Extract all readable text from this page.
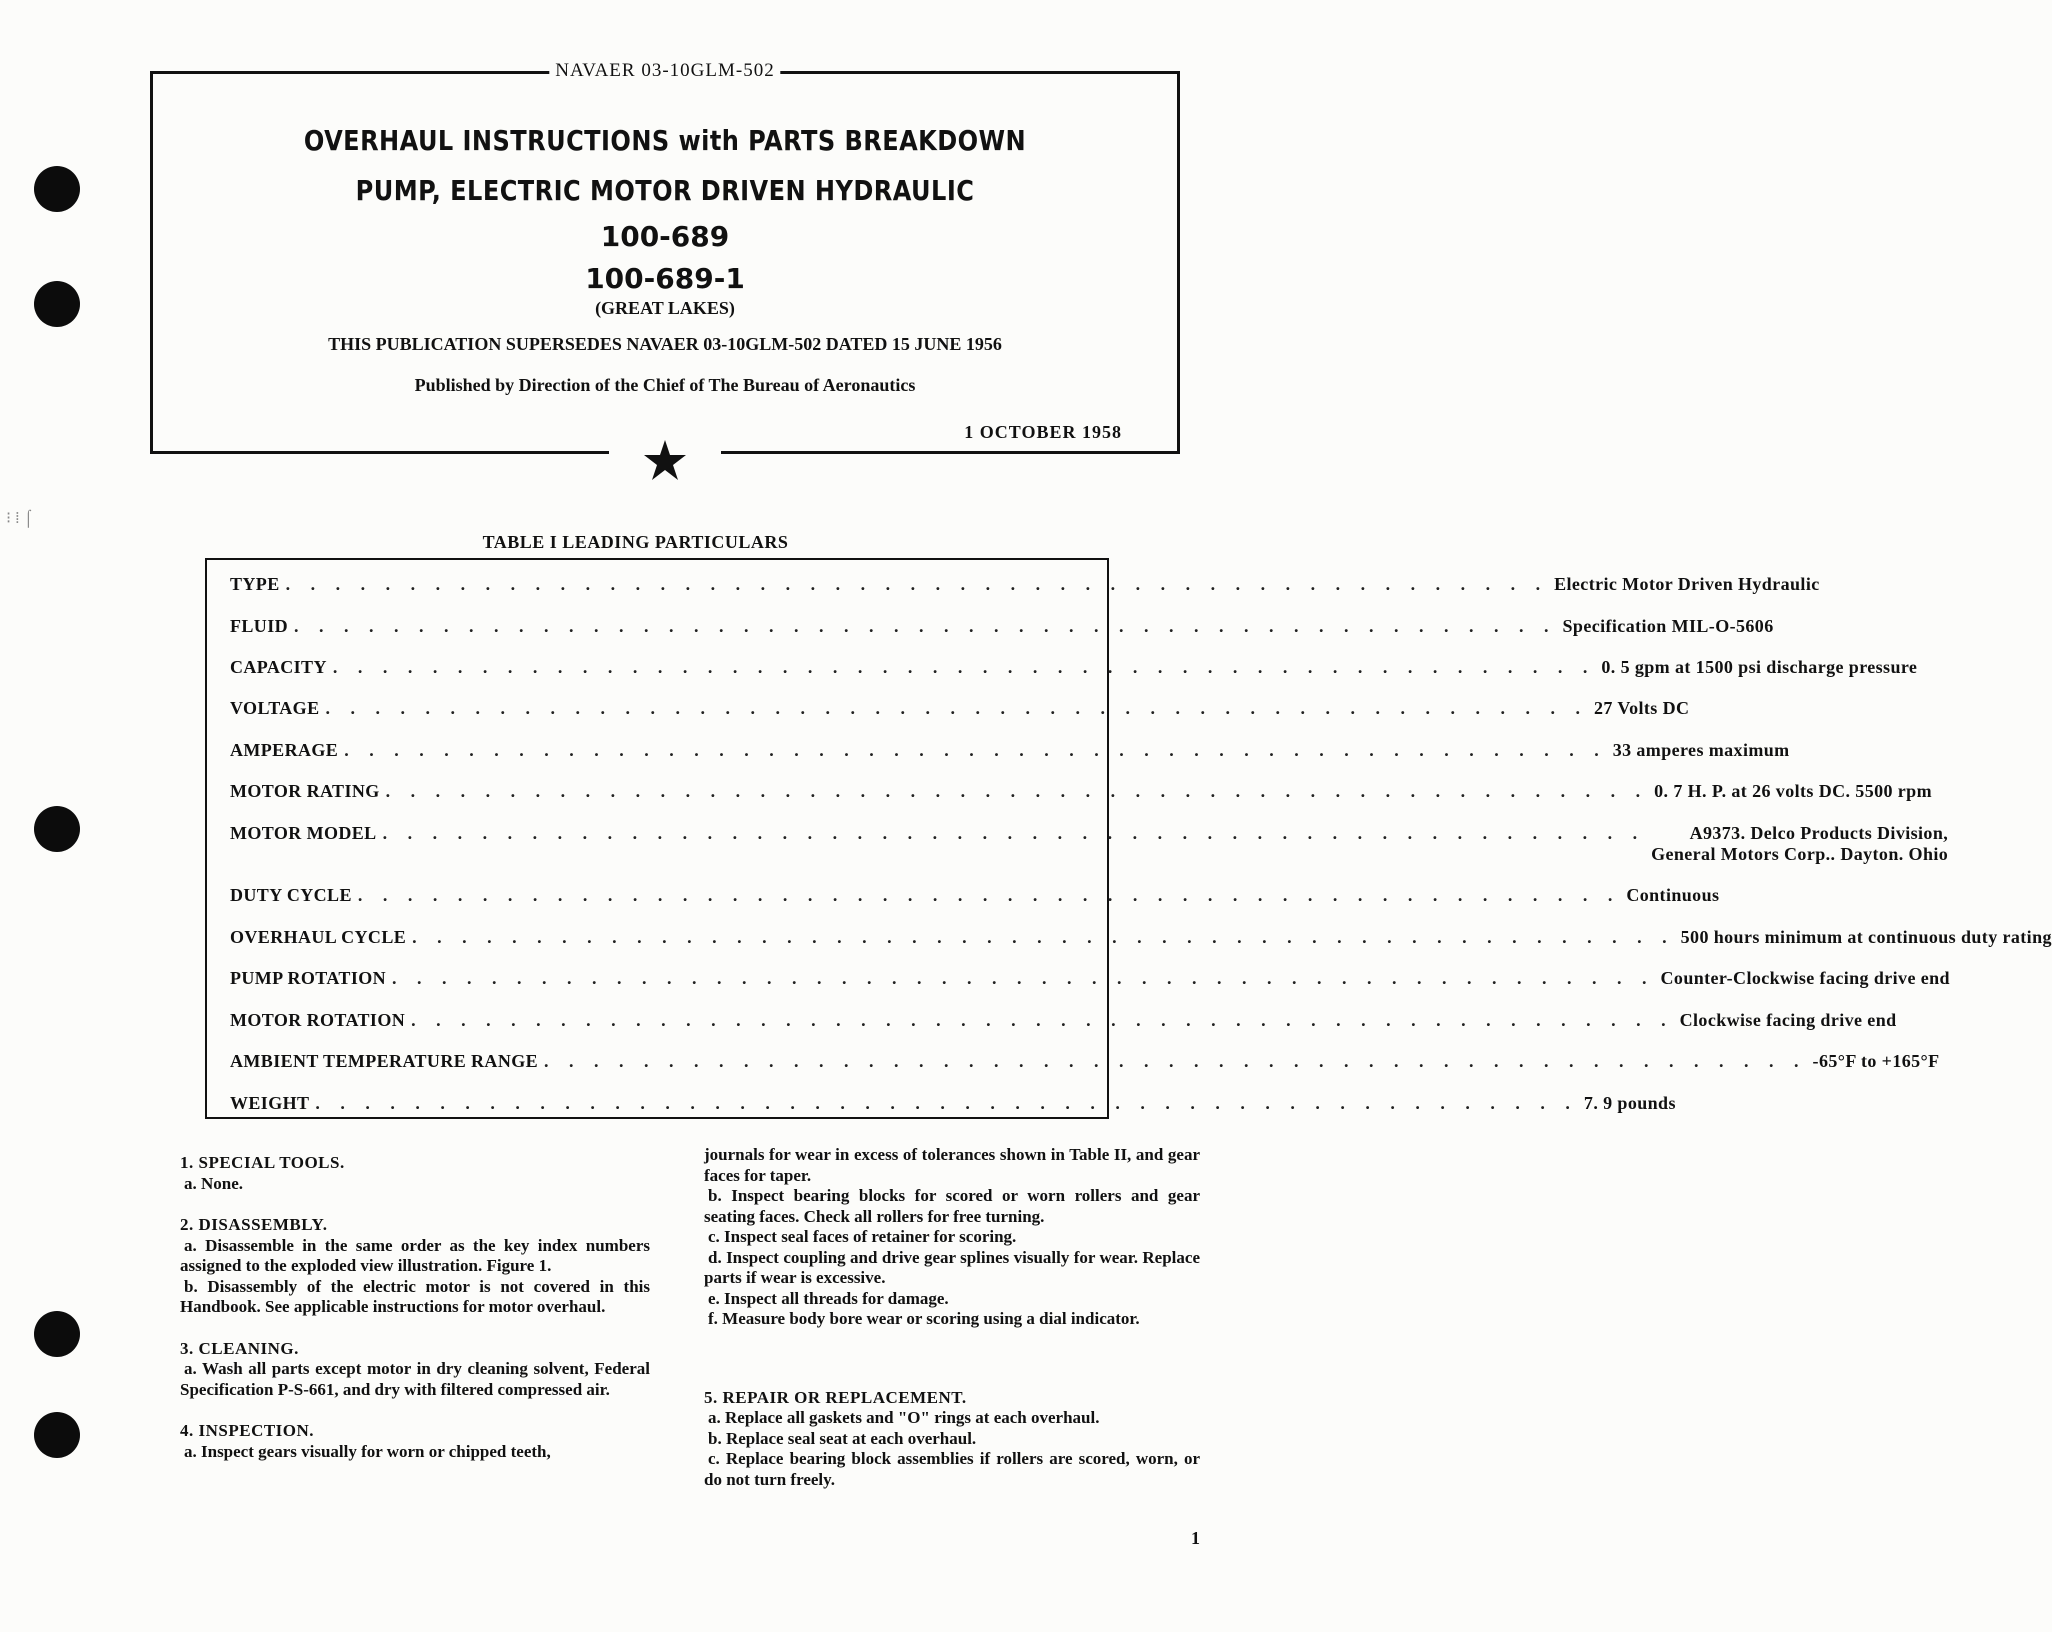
⁝ ⁞ ⌠
NAVAER 03-10GLM-502
OVERHAUL INSTRUCTIONS with PARTS BREAKDOWN
PUMP, ELECTRIC MOTOR DRIVEN HYDRAULIC
100-689
100-689-1
(GREAT LAKES)
THIS PUBLICATION SUPERSEDES NAVAER 03-10GLM-502 DATED 15 JUNE 1956
Published by Direction of the Chief of The Bureau of Aeronautics
1 OCTOBER 1958
TABLE I LEADING PARTICULARS
TYPE . . . . . . . . . . . . . . . . . . . . . . . . . . . . . . . . . . . . . . . . . . . . . . . . . . . Electric Motor Driven Hydraulic
FLUID . . . . . . . . . . . . . . . . . . . . . . . . . . . . . . . . . . . . . . . . . . . . . . . . . . . Specification MIL-O-5606
CAPACITY . . . . . . . . . . . . . . . . . . . . . . . . . . . . . . . . . . . . . . . . . . . . . . . . . . . 0. 5 gpm at 1500 psi discharge pressure
VOLTAGE . . . . . . . . . . . . . . . . . . . . . . . . . . . . . . . . . . . . . . . . . . . . . . . . . . . 27 Volts DC
AMPERAGE . . . . . . . . . . . . . . . . . . . . . . . . . . . . . . . . . . . . . . . . . . . . . . . . . . . 33 amperes maximum
MOTOR RATING . . . . . . . . . . . . . . . . . . . . . . . . . . . . . . . . . . . . . . . . . . . . . . . . . . . 0. 7 H. P. at 26 volts DC. 5500 rpm
MOTOR MODEL . . . . . . . . . . . . . . . . . . . . . . . . . . . . . . . . . . . . . . . . . . . . . . . . . . .	A9373. Delco Products Division,
General Motors Corp.. Dayton. Ohio
DUTY CYCLE . . . . . . . . . . . . . . . . . . . . . . . . . . . . . . . . . . . . . . . . . . . . . . . . . . . Continuous
OVERHAUL CYCLE . . . . . . . . . . . . . . . . . . . . . . . . . . . . . . . . . . . . . . . . . . . . . . . . . . . 500 hours minimum at continuous duty rating
PUMP ROTATION . . . . . . . . . . . . . . . . . . . . . . . . . . . . . . . . . . . . . . . . . . . . . . . . . . . Counter-Clockwise facing drive end
MOTOR ROTATION . . . . . . . . . . . . . . . . . . . . . . . . . . . . . . . . . . . . . . . . . . . . . . . . . . . Clockwise facing drive end
AMBIENT TEMPERATURE RANGE . . . . . . . . . . . . . . . . . . . . . . . . . . . . . . . . . . . . . . . . . . . . . . . . . . . -65°F to +165°F
WEIGHT . . . . . . . . . . . . . . . . . . . . . . . . . . . . . . . . . . . . . . . . . . . . . . . . . . . 7. 9 pounds

1. SPECIAL TOOLS.

a. None.

2. DISASSEMBLY.

a. Disassemble in the same order as the key index numbers assigned to the exploded view illustration. Figure 1.

b. Disassembly of the electric motor is not covered in this Handbook. See applicable instructions for motor overhaul.

3. CLEANING.

a. Wash all parts except motor in dry cleaning solvent, Federal Specification P-S-661, and dry with filtered compressed air.

4. INSPECTION.

a. Inspect gears visually for worn or chipped teeth,

journals for wear in excess of tolerances shown in Table II, and gear faces for taper.

b. Inspect bearing blocks for scored or worn rollers and gear seating faces. Check all rollers for free turning.

c. Inspect seal faces of retainer for scoring.

d. Inspect coupling and drive gear splines visually for wear. Replace parts if wear is excessive.

e. Inspect all threads for damage.

f. Measure body bore wear or scoring using a dial indicator.

5. REPAIR OR REPLACEMENT.

a. Replace all gaskets and "O" rings at each overhaul.

b. Replace seal seat at each overhaul.

c. Replace bearing block assemblies if rollers are scored, worn, or do not turn freely.

1
